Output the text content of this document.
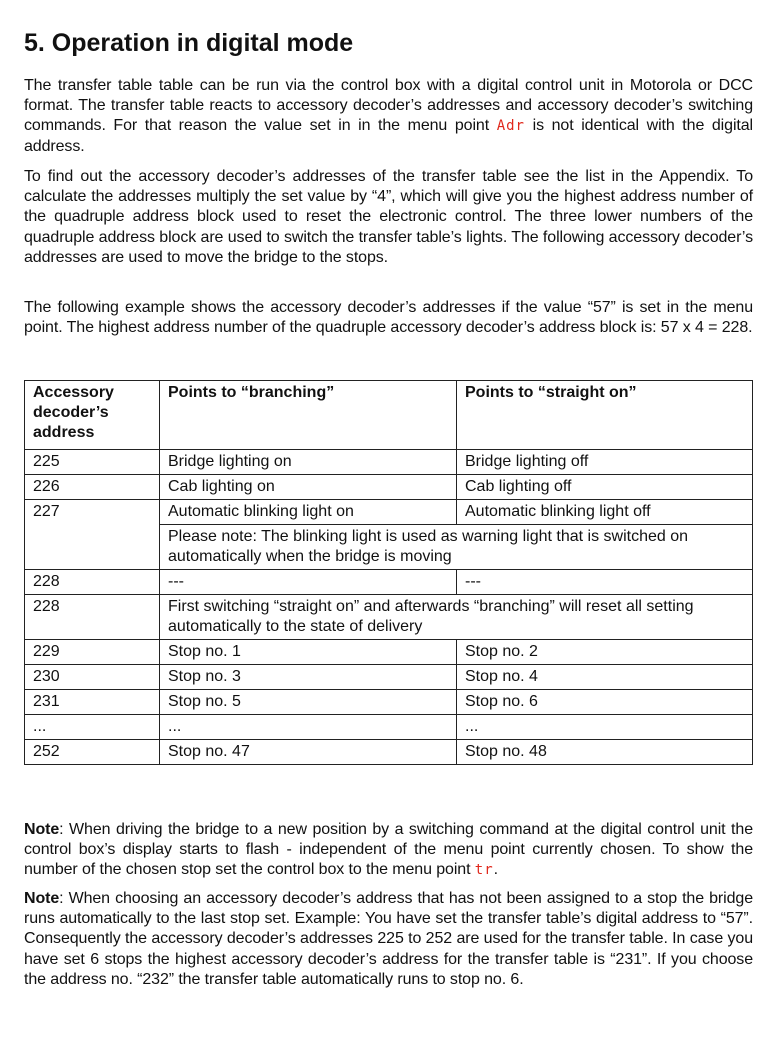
5. Operation in digital mode

The transfer table table can be run via the control box with a digital control unit in Motorola or DCC format. The transfer table reacts to accessory decoder’s addresses and accessory decoder’s switching commands. For that reason the value set in in the menu point Adr is not identical with the digital address.

To find out the accessory decoder’s addresses of the transfer table see the list in the Appendix. To calculate the addresses multiply the set value by “4”, which will give you the highest address number of the quadruple address block used to reset the electronic control. The three lower numbers of the quadruple address block are used to switch the transfer table’s lights. The following accessory decoder’s addresses are used to move the bridge to the stops.

The following example shows the accessory decoder’s addresses if the value “57” is set in the menu point. The highest address number of the quadruple accessory decoder’s address block is: 57 x 4 = 228.

Accessory decoder’s address	Points to “branching”	Points to “straight on”
225	Bridge lighting on	Bridge lighting off
226	Cab lighting on	Cab lighting off
227	Automatic blinking light on	Automatic blinking light off
	Please note: The blinking light is used as warning light that is switched on automatically when the bridge is moving	
228	---	---
228	First switching “straight on” and afterwards “branching” will reset all setting automatically to the state of delivery	
229	Stop no. 1	Stop no. 2
230	Stop no. 3	Stop no. 4
231	Stop no. 5	Stop no. 6
...	...	...
252	Stop no. 47	Stop no. 48

Note: When driving the bridge to a new position by a switching command at the digital control unit the control box’s display starts to flash - independent of the menu point currently chosen. To show the number of the chosen stop set the control box to the menu point tr.

Note: When choosing an accessory decoder’s address that has not been assigned to a stop the bridge runs automatically to the last stop set. Example: You have set the transfer table’s digital address to “57”. Consequently the accessory decoder’s addresses 225 to 252 are used for the transfer table. In case you have set 6 stops the highest accessory decoder’s address for the transfer table is “231”. If you choose the address no. “232” the transfer table automatically runs to stop no. 6.
